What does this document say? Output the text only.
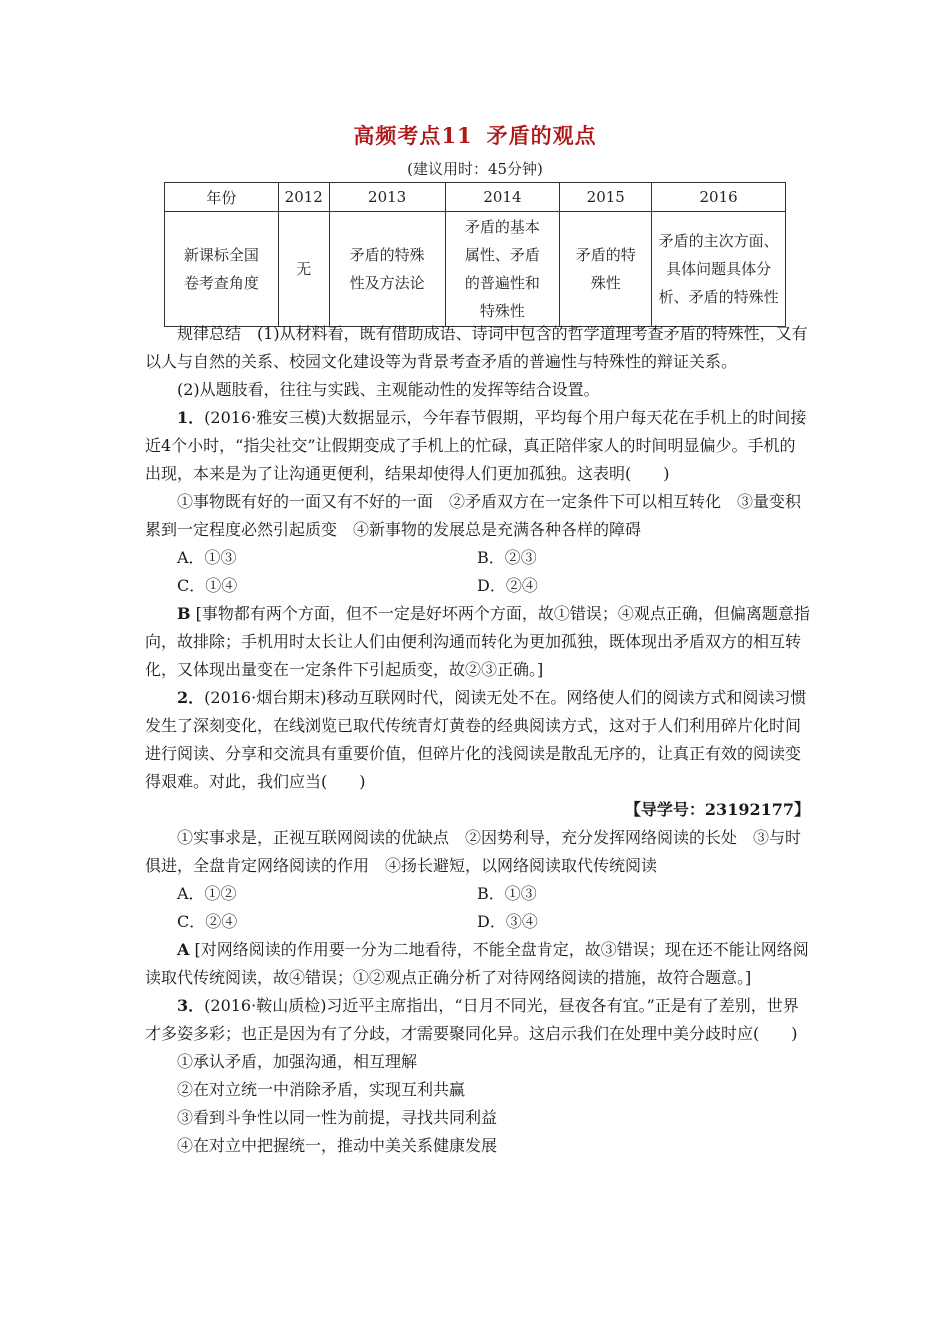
高频考点11 矛盾的观点
(建议用时：45分钟)
年份	2012	2013	2014	2015	2016
新课标全国卷考查角度	无	矛盾的特殊性及方法论	矛盾的基本属性、矛盾的普遍性和特殊性	矛盾的特殊性	矛盾的主次方面、具体问题具体分析、矛盾的特殊性

规律总结　(1)从材料看，既有借助成语、诗词中包含的哲学道理考查矛盾的特殊性，又有以人与自然的关系、校园文化建设等为背景考查矛盾的普遍性与特殊性的辩证关系。

(2)从题肢看，往往与实践、主观能动性的发挥等结合设置。

1．(2016·雅安三模)大数据显示，今年春节假期，平均每个用户每天花在手机上的时间接近4个小时，“指尖社交”让假期变成了手机上的忙碌，真正陪伴家人的时间明显偏少。手机的出现，本来是为了让沟通更便利，结果却使得人们更加孤独。这表明(　　)

①事物既有好的一面又有不好的一面　②矛盾双方在一定条件下可以相互转化　③量变积累到一定程度必然引起质变　④新事物的发展总是充满各种各样的障碍

A．①③	B．②③
C．①④	D．②④

B [事物都有两个方面，但不一定是好坏两个方面，故①错误；④观点正确，但偏离题意指向，故排除；手机用时太长让人们由便利沟通而转化为更加孤独，既体现出矛盾双方的相互转化，又体现出量变在一定条件下引起质变，故②③正确。]

2．(2016·烟台期末)移动互联网时代，阅读无处不在。网络使人们的阅读方式和阅读习惯发生了深刻变化，在线浏览已取代传统青灯黄卷的经典阅读方式，这对于人们利用碎片化时间进行阅读、分享和交流具有重要价值，但碎片化的浅阅读是散乱无序的，让真正有效的阅读变得艰难。对此，我们应当(　　)

【导学号：23192177】

①实事求是，正视互联网阅读的优缺点　②因势利导，充分发挥网络阅读的长处　③与时俱进，全盘肯定网络阅读的作用　④扬长避短，以网络阅读取代传统阅读

A．①②	B．①③
C．②④	D．③④

A [对网络阅读的作用要一分为二地看待，不能全盘肯定，故③错误；现在还不能让网络阅读取代传统阅读，故④错误；①②观点正确分析了对待网络阅读的措施，故符合题意。]

3．(2016·鞍山质检)习近平主席指出，“日月不同光，昼夜各有宜。”正是有了差别，世界才多姿多彩；也正是因为有了分歧，才需要聚同化异。这启示我们在处理中美分歧时应(　　)

①承认矛盾，加强沟通，相互理解

②在对立统一中消除矛盾，实现互利共赢

③看到斗争性以同一性为前提，寻找共同利益

④在对立中把握统一，推动中美关系健康发展
